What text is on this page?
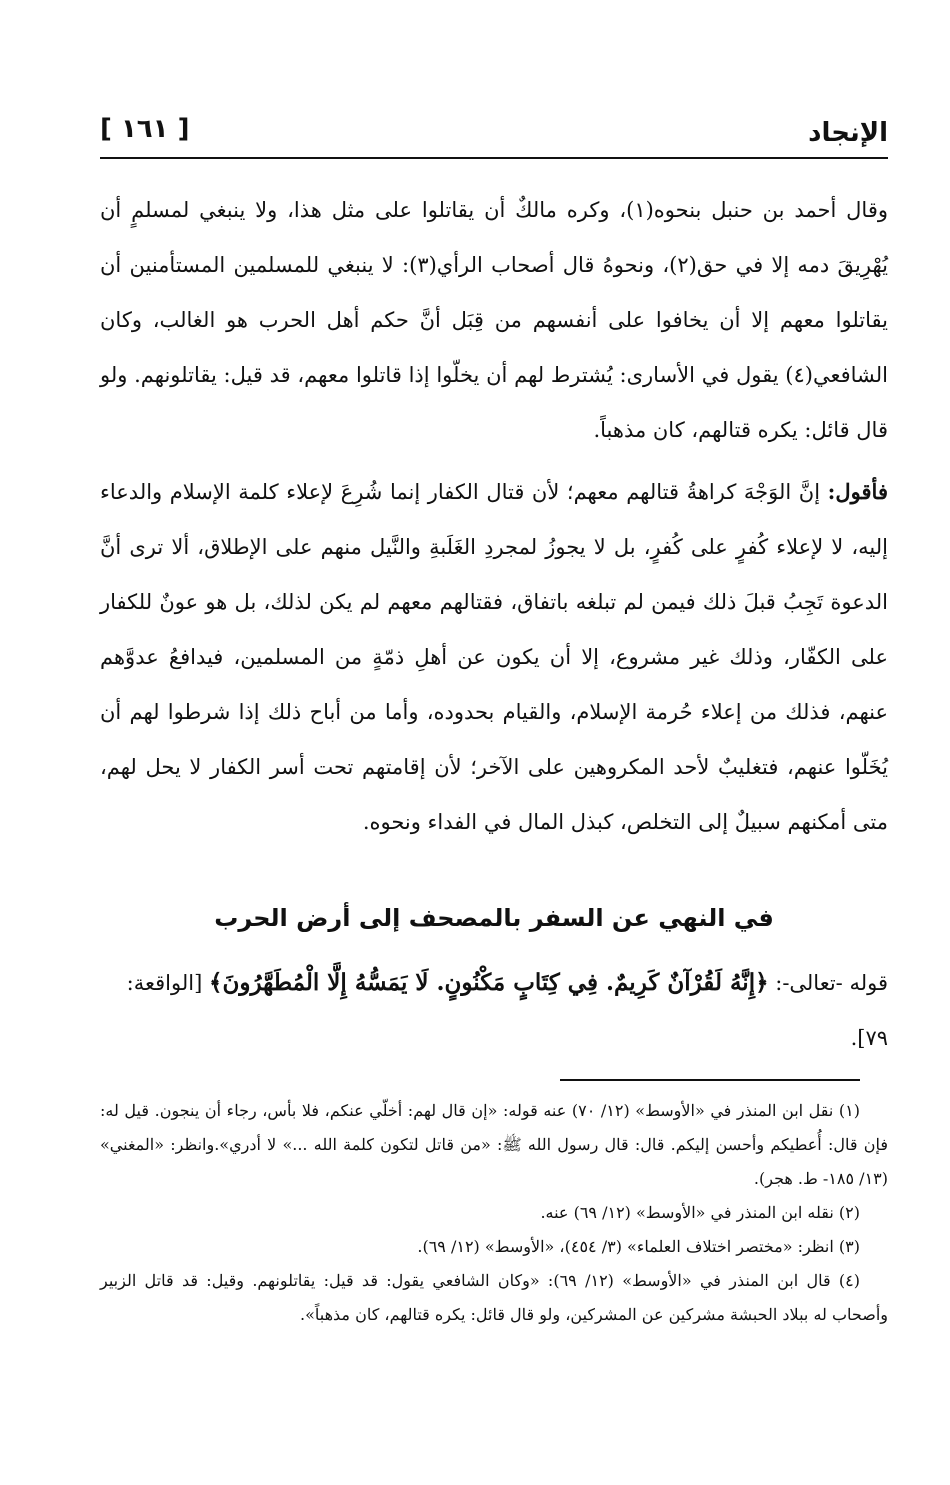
الإنجاد
[ ١٦١ ]

وقال أحمد بن حنبل بنحوه(١)، وكره مالكٌ أن يقاتلوا على مثل هذا، ولا ينبغي لمسلمٍ أن يُهْرِيقَ دمه إلا في حق(٢)، ونحوهُ قال أصحاب الرأي(٣): لا ينبغي للمسلمين المستأمنين أن يقاتلوا معهم إلا أن يخافوا على أنفسهم من قِبَل أنَّ حكم أهل الحرب هو الغالب، وكان الشافعي(٤) يقول في الأسارى: يُشترط لهم أن يخلّوا إذا قاتلوا معهم، قد قيل: يقاتلونهم. ولو قال قائل: يكره قتالهم، كان مذهباً.

فأقول: إنَّ الوَجْهَ كراهةُ قتالهم معهم؛ لأن قتال الكفار إنما شُرِعَ لإعلاء كلمة الإسلام والدعاء إليه، لا لإعلاء كُفرٍ على كُفرٍ، بل لا يجوزُ لمجردِ الغَلَبةِ والنَّيل منهم على الإطلاق، ألا ترى أنَّ الدعوة تَجِبُ قبلَ ذلك فيمن لم تبلغه باتفاق، فقتالهم معهم لم يكن لذلك، بل هو عونٌ للكفار على الكفّار، وذلك غير مشروع، إلا أن يكون عن أهلِ ذمّةٍ من المسلمين، فيدافعُ عدوَّهم عنهم، فذلك من إعلاء حُرمة الإسلام، والقيام بحدوده، وأما من أباح ذلك إذا شرطوا لهم أن يُخَلّوا عنهم، فتغليبٌ لأحد المكروهين على الآخر؛ لأن إقامتهم تحت أسر الكفار لا يحل لهم، متى أمكنهم سبيلٌ إلى التخلص، كبذل المال في الفداء ونحوه.

في النهي عن السفر بالمصحف إلى أرض الحرب
قوله -تعالى-: ﴿إِنَّهُ لَقُرْآنٌ كَرِيمٌ. فِي كِتَابٍ مَكْنُونٍ. لَا يَمَسُّهُ إِلَّا الْمُطَهَّرُونَ﴾ [الواقعة: ٧٩].

(١) نقل ابن المنذر في «الأوسط» (١٢/ ٧٠) عنه قوله: «إن قال لهم: أخلّي عنكم، فلا بأس، رجاء أن ينجون. قيل له: فإن قال: أُعطيكم وأحسن إليكم. قال: قال رسول الله ﷺ: «من قاتل لتكون كلمة الله ...» لا أدري».وانظر: «المغني» (١٣/ ١٨٥- ط. هجر).

(٢) نقله ابن المنذر في «الأوسط» (١٢/ ٦٩) عنه.

(٣) انظر: «مختصر اختلاف العلماء» (٣/ ٤٥٤)، «الأوسط» (١٢/ ٦٩).

(٤) قال ابن المنذر في «الأوسط» (١٢/ ٦٩): «وكان الشافعي يقول: قد قيل: يقاتلونهم. وقيل: قد قاتل الزبير وأصحاب له ببلاد الحبشة مشركين عن المشركين، ولو قال قائل: يكره قتالهم، كان مذهباً».
